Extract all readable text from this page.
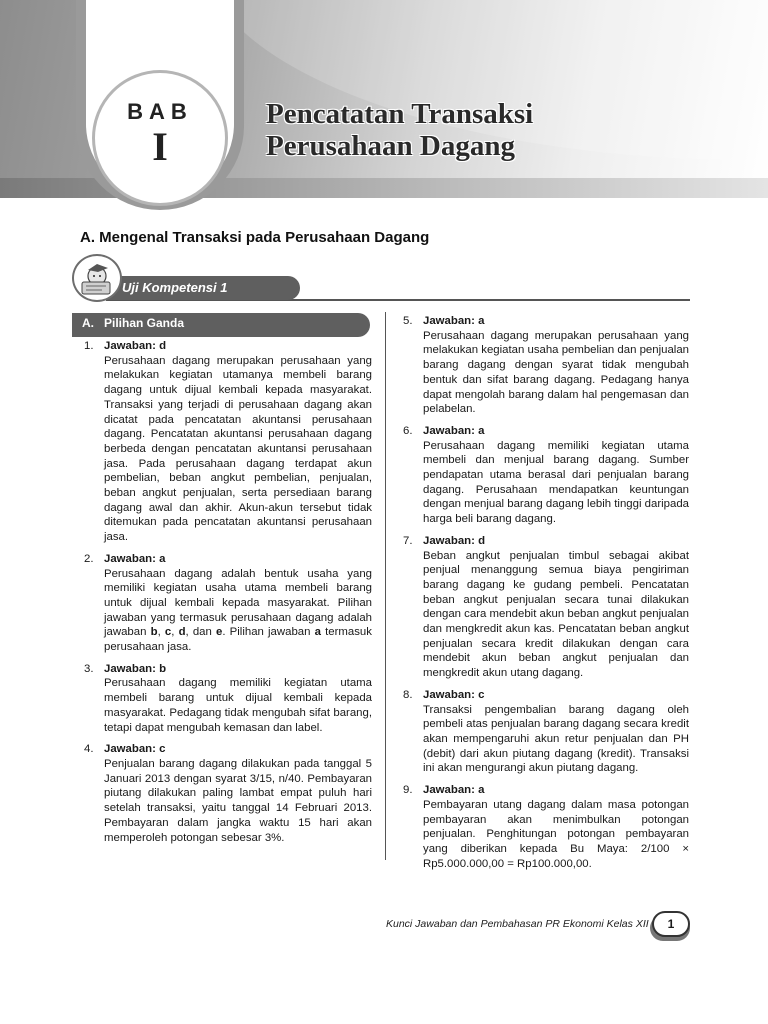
BAB
I
Pencatatan Transaksi
Perusahaan Dagang
A. Mengenal Transaksi pada Perusahaan Dagang
Uji Kompetensi 1
A. Pilihan Ganda
1. Jawaban: d
Perusahaan dagang merupakan perusahaan yang melakukan kegiatan utamanya membeli barang dagang untuk dijual kembali kepada masyarakat. Transaksi yang terjadi di perusahaan dagang akan dicatat pada pencatatan akuntansi perusahaan dagang. Pencatatan akuntansi perusahaan dagang berbeda dengan pencatatan akuntansi perusahaan jasa. Pada perusahaan dagang terdapat akun pembelian, beban angkut pembelian, penjualan, beban angkut penjualan, serta persediaan barang dagang awal dan akhir. Akun-akun tersebut tidak ditemukan pada pencatatan akuntansi perusahaan jasa.
2. Jawaban: a
Perusahaan dagang adalah bentuk usaha yang memiliki kegiatan usaha utama membeli barang untuk dijual kembali kepada masyarakat. Pilihan jawaban yang termasuk perusahaan dagang adalah jawaban b, c, d, dan e. Pilihan jawaban a termasuk perusahaan jasa.
3. Jawaban: b
Perusahaan dagang memiliki kegiatan utama membeli barang untuk dijual kembali kepada masyarakat. Pedagang tidak mengubah sifat barang, tetapi dapat mengubah kemasan dan label.
4. Jawaban: c
Penjualan barang dagang dilakukan pada tanggal 5 Januari 2013 dengan syarat 3/15, n/40. Pembayaran piutang dilakukan paling lambat empat puluh hari setelah transaksi, yaitu tanggal 14 Februari 2013. Pembayaran dalam jangka waktu 15 hari akan memperoleh potongan sebesar 3%.
5. Jawaban: a
Perusahaan dagang merupakan perusahaan yang melakukan kegiatan usaha pembelian dan penjualan barang dagang dengan syarat tidak mengubah bentuk dan sifat barang dagang. Pedagang hanya dapat mengolah barang dalam hal pengemasan dan pelabelan.
6. Jawaban: a
Perusahaan dagang memiliki kegiatan utama membeli dan menjual barang dagang. Sumber pendapatan utama berasal dari penjualan barang dagang. Perusahaan mendapatkan keuntungan dengan menjual barang dagang lebih tinggi daripada harga beli barang dagang.
7. Jawaban: d
Beban angkut penjualan timbul sebagai akibat penjual menanggung semua biaya pengiriman barang dagang ke gudang pembeli. Pencatatan beban angkut penjualan secara tunai dilakukan dengan cara mendebit akun beban angkut penjualan dan mengkredit akun kas. Pencatatan beban angkut penjualan secara kredit dilakukan dengan cara mendebit akun beban angkut penjualan dan mengkredit akun utang dagang.
8. Jawaban: c
Transaksi pengembalian barang dagang oleh pembeli atas penjualan barang dagang secara kredit akan mempengaruhi akun retur penjualan dan PH (debit) dari akun piutang dagang (kredit). Transaksi ini akan mengurangi akun piutang dagang.
9. Jawaban: a
Pembayaran utang dagang dalam masa potongan pembayaran akan menimbulkan potongan penjualan. Penghitungan potongan pembayaran yang diberikan kepada Bu Maya: 2/100 × Rp5.000.000,00 = Rp100.000,00.
Kunci Jawaban dan Pembahasan PR Ekonomi Kelas XII	1
